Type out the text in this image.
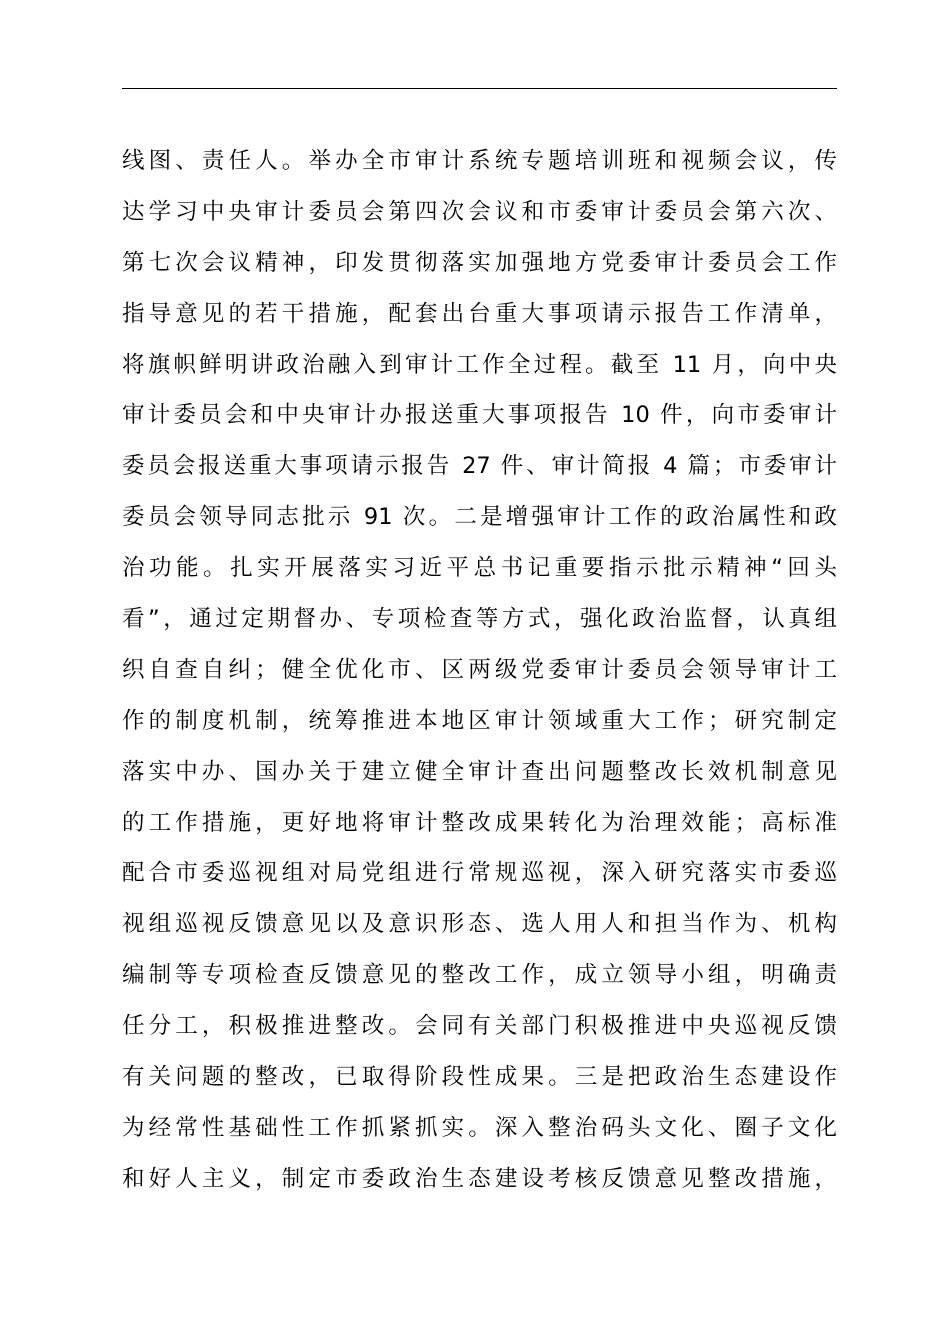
线图、责任人。举办全市审计系统专题培训班和视频会议，传
达学习中央审计委员会第四次会议和市委审计委员会第六次、
第七次会议精神，印发贯彻落实加强地方党委审计委员会工作
指导意见的若干措施，配套出台重大事项请示报告工作清单，
将旗帜鲜明讲政治融入到审计工作全过程。截至 11 月，向中央
审计委员会和中央审计办报送重大事项报告 10 件，向市委审计
委员会报送重大事项请示报告 27 件、审计简报 4 篇；市委审计
委员会领导同志批示 91 次。二是增强审计工作的政治属性和政
治功能。扎实开展落实习近平总书记重要指示批示精神“回头
看”，通过定期督办、专项检查等方式，强化政治监督，认真组
织自查自纠；健全优化市、区两级党委审计委员会领导审计工
作的制度机制，统筹推进本地区审计领域重大工作；研究制定
落实中办、国办关于建立健全审计查出问题整改长效机制意见
的工作措施，更好地将审计整改成果转化为治理效能；高标准
配合市委巡视组对局党组进行常规巡视，深入研究落实市委巡
视组巡视反馈意见以及意识形态、选人用人和担当作为、机构
编制等专项检查反馈意见的整改工作，成立领导小组，明确责
任分工，积极推进整改。会同有关部门积极推进中央巡视反馈
有关问题的整改，已取得阶段性成果。三是把政治生态建设作
为经常性基础性工作抓紧抓实。深入整治码头文化、圈子文化
和好人主义，制定市委政治生态建设考核反馈意见整改措施，
